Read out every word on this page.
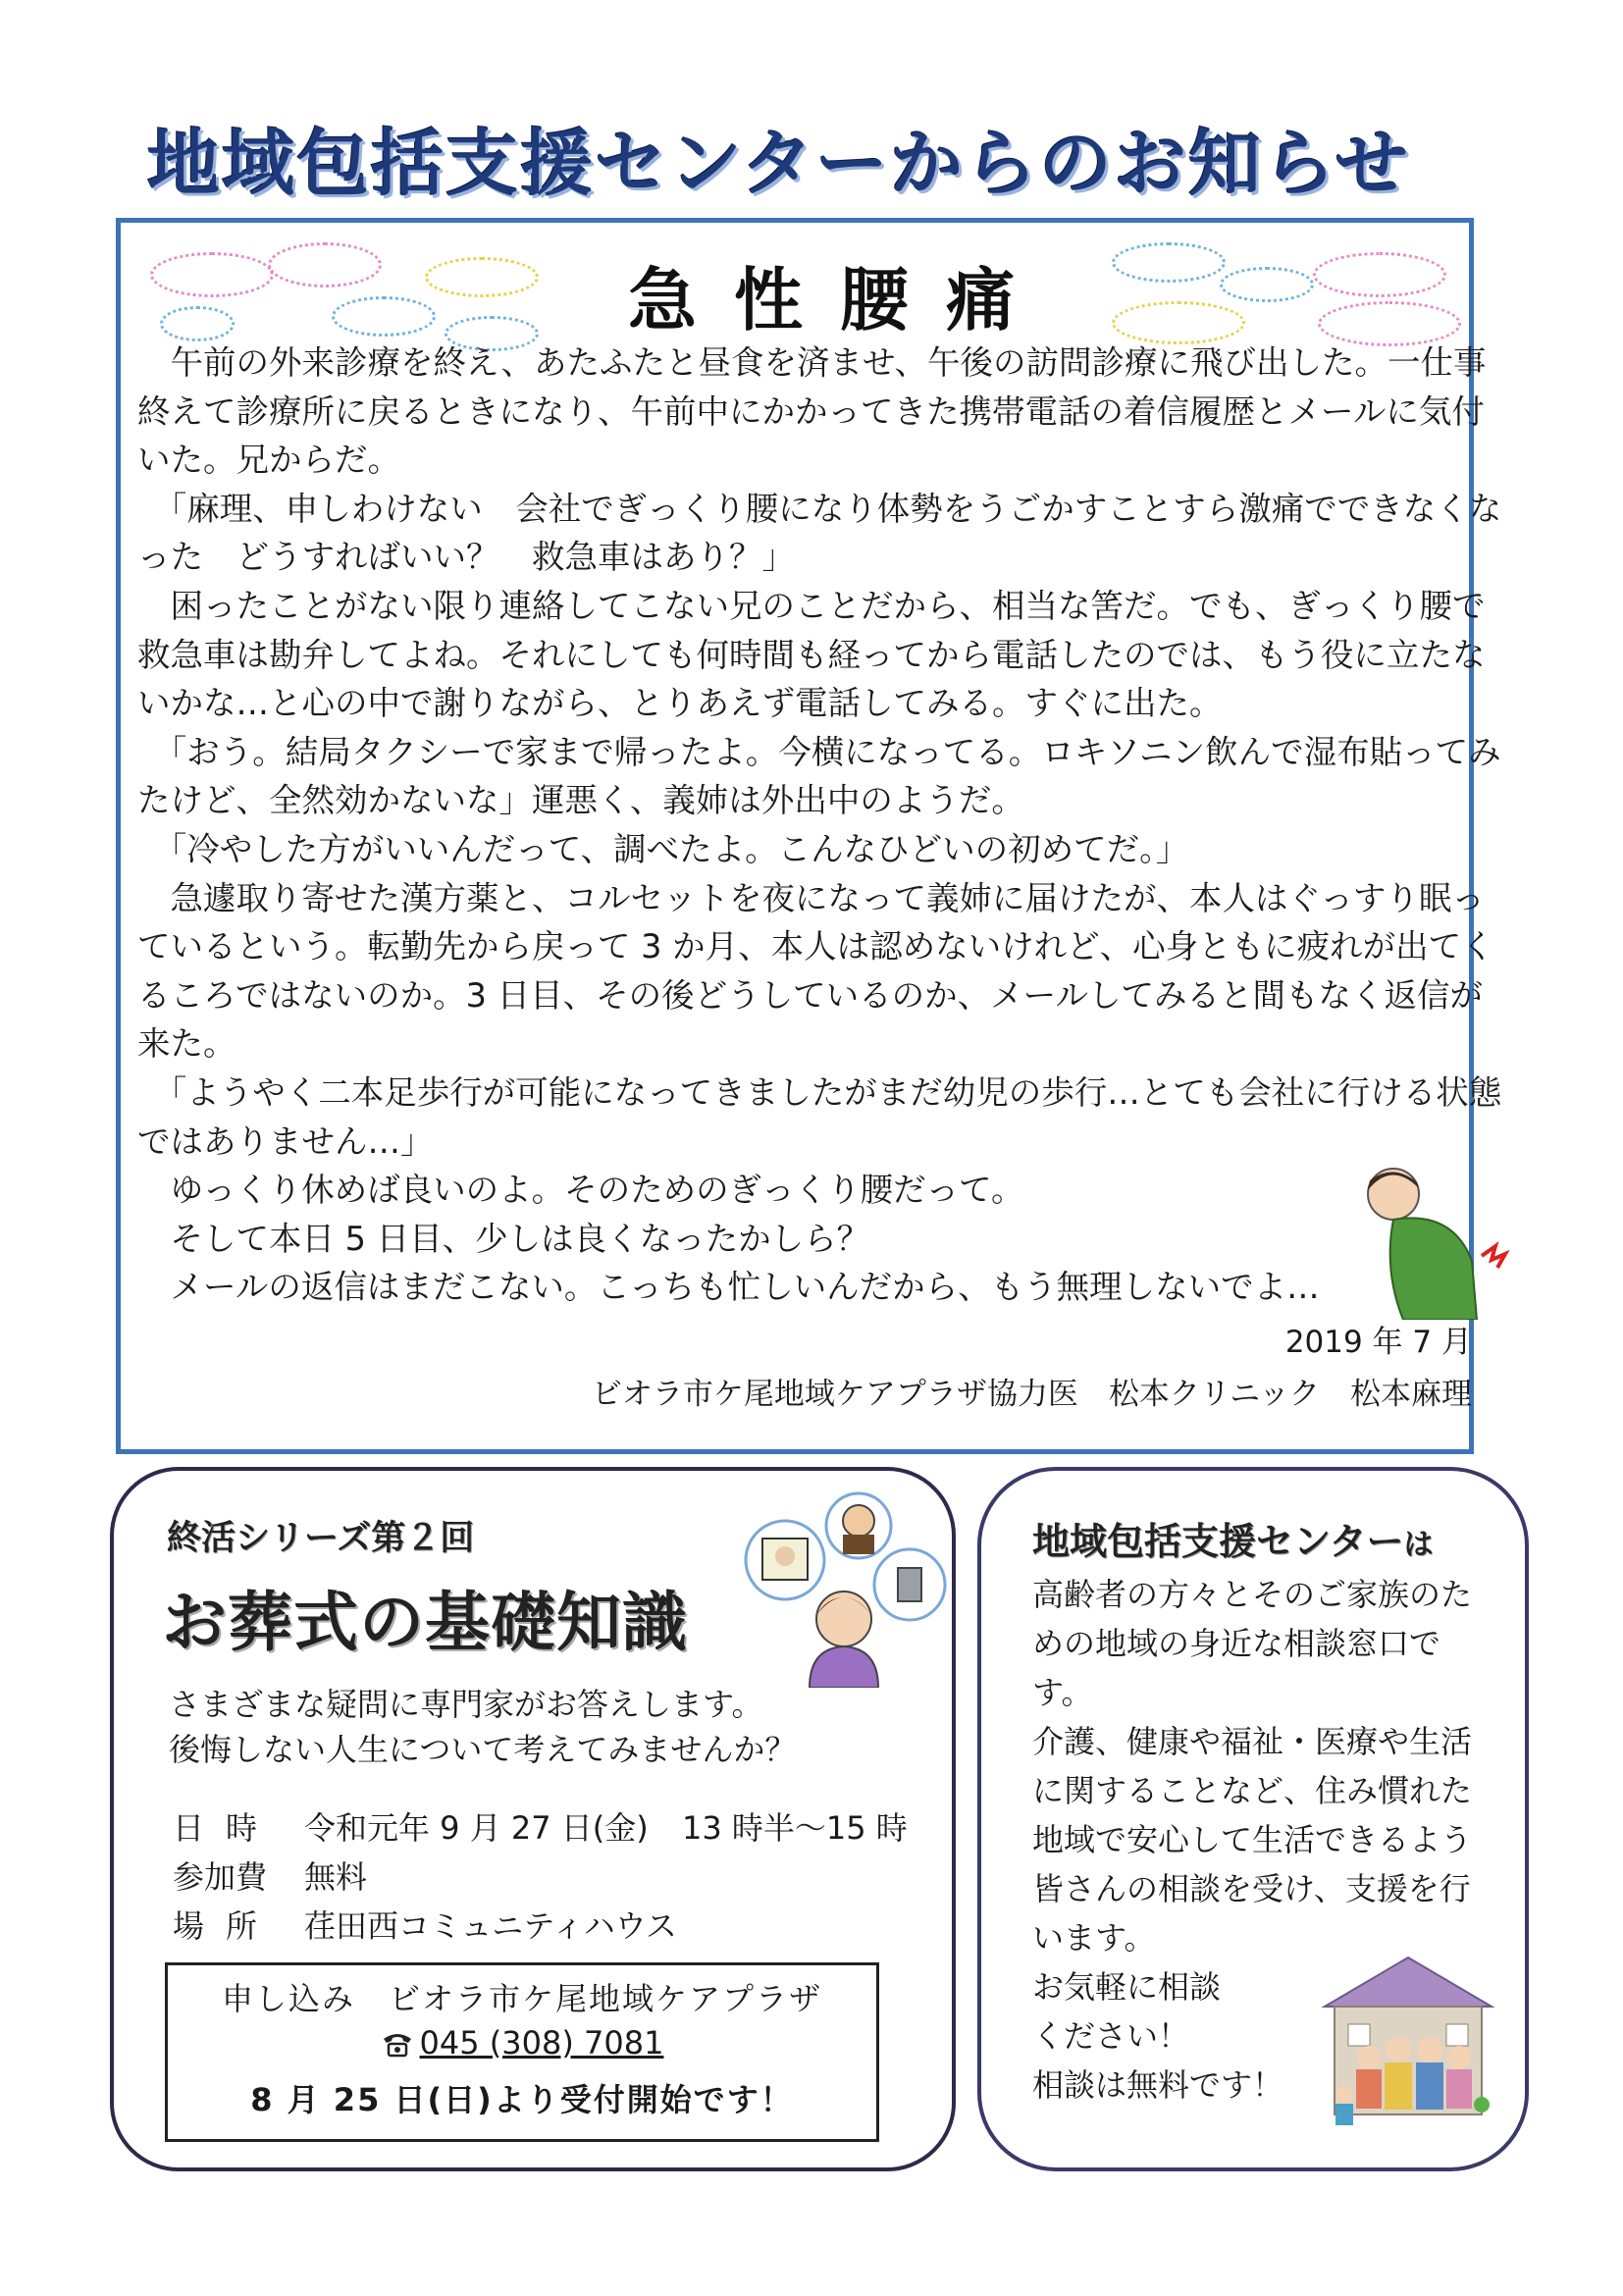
地域包括支援センターからのお知らせ
急性腰痛

午前の外来診療を終え、あたふたと昼食を済ませ、午後の訪問診療に飛び出した。一仕事終えて診療所に戻るときになり、午前中にかかってきた携帯電話の着信履歴とメールに気付いた。兄からだ。

「麻理、申しわけない　会社でぎっくり腰になり体勢をうごかすことすら激痛でできなくなった　どうすればいい？　救急車はあり？」

困ったことがない限り連絡してこない兄のことだから、相当な筈だ。でも、ぎっくり腰で救急車は勘弁してよね。それにしても何時間も経ってから電話したのでは、もう役に立たないかな…と心の中で謝りながら、とりあえず電話してみる。すぐに出た。

「おう。結局タクシーで家まで帰ったよ。今横になってる。ロキソニン飲んで湿布貼ってみたけど、全然効かないな」運悪く、義姉は外出中のようだ。

「冷やした方がいいんだって、調べたよ。こんなひどいの初めてだ。」

急遽取り寄せた漢方薬と、コルセットを夜になって義姉に届けたが、本人はぐっすり眠っているという。転勤先から戻って 3 か月、本人は認めないけれど、心身ともに疲れが出てくるころではないのか。3 日目、その後どうしているのか、メールしてみると間もなく返信が来た。

「ようやく二本足歩行が可能になってきましたがまだ幼児の歩行…とても会社に行ける状態ではありません…」

ゆっくり休めば良いのよ。そのためのぎっくり腰だって。

そして本日 5 日目、少しは良くなったかしら？

メールの返信はまだこない。こっちも忙しいんだから、もう無理しないでよ…

2019 年 7 月
ビオラ市ケ尾地域ケアプラザ協力医　松本クリニック　松本麻理
終活シリーズ第２回
お葬式の基礎知識
さまざまな疑問に専門家がお答えします。
後悔しない人生について考えてみませんか？
日時 令和元年 9 月 27 日(金) 13 時半～15 時
参加費	無料
場所 荏田西コミュニティハウス
申し込み　ビオラ市ケ尾地域ケアプラザ
045 (308) 7081
8 月 25 日(日)より受付開始です！
地域包括支援センターは
高齢者の方々とそのご家族のた
めの地域の身近な相談窓口で
す。
介護、健康や福祉・医療や生活
に関することなど、住み慣れた
地域で安心して生活できるよう
皆さんの相談を受け、支援を行
います。
お気軽に相談
ください！
相談は無料です！
